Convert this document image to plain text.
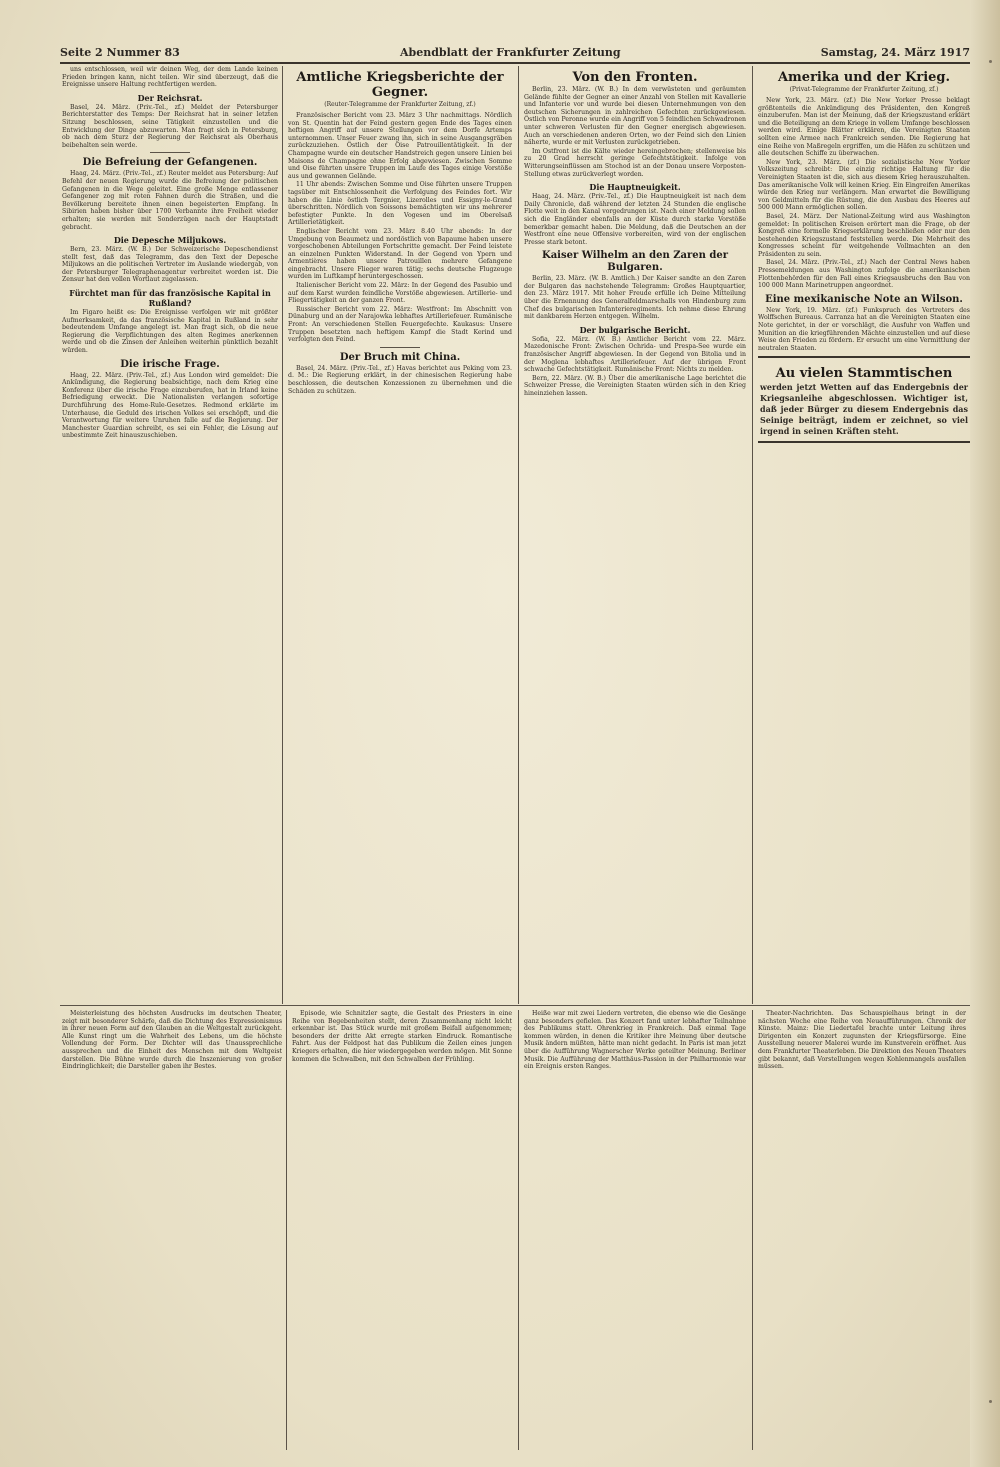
Seite 2 Nummer 83	Abendblatt der Frankfurter Zeitung	Samstag, 24. März 1917

uns entschlossen, weil wir deinen Weg, der dem Lande keinen Frieden bringen kann, nicht teilen. Wir sind überzeugt, daß die Ereignisse unsere Haltung rechtfertigen werden.

Der Reichsrat.

Basel, 24. März. (Priv.-Tel., zf.) Meldet der Petersburger Berichterstatter des Temps: Der Reichsrat hat in seiner letzten Sitzung beschlossen, seine Tätigkeit einzustellen und die Entwicklung der Dinge abzuwarten. Man fragt sich in Petersburg, ob nach dem Sturz der Regierung der Reichsrat als Oberhaus beibehalten sein werde.

Die Befreiung der Gefangenen.

Haag, 24. März. (Priv.-Tel., zf.) Reuter meldet aus Petersburg: Auf Befehl der neuen Regierung wurde die Befreiung der politischen Gefangenen in die Wege geleitet. Eine große Menge entlassener Gefangener zog mit roten Fahnen durch die Straßen, und die Bevölkerung bereitete ihnen einen begeisterten Empfang. In Sibirien haben bisher über 1700 Verbannte ihre Freiheit wieder erhalten; sie werden mit Sonderzügen nach der Hauptstadt gebracht.

Die Depesche Miljukows.

Bern, 23. März. (W. B.) Der Schweizerische Depeschendienst stellt fest, daß das Telegramm, das den Text der Depesche Miljukows an die politischen Vertreter im Auslande wiedergab, von der Petersburger Telegraphenagentur verbreitet worden ist. Die Zensur hat den vollen Wortlaut zugelassen.

Fürchtet man für das französische Kapital in Rußland?

Im Figaro heißt es: Die Ereignisse verfolgen wir mit größter Aufmerksamkeit, da das französische Kapital in Rußland in sehr bedeutendem Umfange angelegt ist. Man fragt sich, ob die neue Regierung die Verpflichtungen des alten Regimes anerkennen werde und ob die Zinsen der Anleihen weiterhin pünktlich bezahlt würden.

Die irische Frage.

Haag, 22. März. (Priv.-Tel., zf.) Aus London wird gemeldet: Die Ankündigung, die Regierung beabsichtige, nach dem Krieg eine Konferenz über die irische Frage einzuberufen, hat in Irland keine Befriedigung erweckt. Die Nationalisten verlangen sofortige Durchführung des Home-Rule-Gesetzes. Redmond erklärte im Unterhause, die Geduld des irischen Volkes sei erschöpft, und die Verantwortung für weitere Unruhen falle auf die Regierung. Der Manchester Guardian schreibt, es sei ein Fehler, die Lösung auf unbestimmte Zeit hinauszuschieben.

Amtliche Kriegsberichte der Gegner.
(Reuter-Telegramme der Frankfurter Zeitung, zf.)

Französischer Bericht vom 23. März 3 Uhr nachmittags. Nördlich von St. Quentin hat der Feind gestern gegen Ende des Tages einen heftigen Angriff auf unsere Stellungen vor dem Dorfe Artemps unternommen. Unser Feuer zwang ihn, sich in seine Ausgangsgräben zurückzuziehen. Östlich der Oise Patrouillentätigkeit. In der Champagne wurde ein deutscher Handstreich gegen unsere Linien bei Maisons de Champagne ohne Erfolg abgewiesen. Zwischen Somme und Oise führten unsere Truppen im Laufe des Tages einige Vorstöße aus und gewannen Gelände.

11 Uhr abends: Zwischen Somme und Oise führten unsere Truppen tagsüber mit Entschlossenheit die Verfolgung des Feindes fort. Wir haben die Linie östlich Tergnier, Lizerolles und Essigny-le-Grand überschritten. Nördlich von Soissons bemächtigten wir uns mehrerer befestigter Punkte. In den Vogesen und im Oberelsaß Artillerietätigkeit.

Englischer Bericht vom 23. März 8.40 Uhr abends: In der Umgebung von Beaumetz und nordöstlich von Bapaume haben unsere vorgeschobenen Abteilungen Fortschritte gemacht. Der Feind leistete an einzelnen Punkten Widerstand. In der Gegend von Ypern und Armentières haben unsere Patrouillen mehrere Gefangene eingebracht. Unsere Flieger waren tätig; sechs deutsche Flugzeuge wurden im Luftkampf heruntergeschossen.

Italienischer Bericht vom 22. März: In der Gegend des Pasubio und auf dem Karst wurden feindliche Vorstöße abgewiesen. Artillerie- und Fliegertätigkeit an der ganzen Front.

Russischer Bericht vom 22. März: Westfront: Im Abschnitt von Dünaburg und an der Narajowka lebhaftes Artilleriefeuer. Rumänische Front: An verschiedenen Stellen Feuergefechte. Kaukasus: Unsere Truppen besetzten nach heftigem Kampf die Stadt Kerind und verfolgten den Feind.

Der Bruch mit China.

Basel, 24. März. (Priv.-Tel., zf.) Havas berichtet aus Peking vom 23. d. M.: Die Regierung erklärt, in der chinesischen Regierung habe beschlossen, die deutschen Konzessionen zu übernehmen und die Schäden zu schützen.

Von den Fronten.

Berlin, 23. März. (W. B.) In dem verwüsteten und geräumten Gelände fühlte der Gegner an einer Anzahl von Stellen mit Kavallerie und Infanterie vor und wurde bei diesen Unternehmungen von den deutschen Sicherungen in zahlreichen Gefechten zurückgewiesen. Östlich von Peronne wurde ein Angriff von 5 feindlichen Schwadronen unter schweren Verlusten für den Gegner energisch abgewiesen. Auch an verschiedenen anderen Orten, wo der Feind sich den Linien näherte, wurde er mit Verlusten zurückgetrieben.

Im Ostfront ist die Kälte wieder hereingebrochen; stellenweise bis zu 20 Grad herrscht geringe Gefechtstätigkeit. Infolge von Witterungseinflüssen am Stochod ist an der Donau unsere Vorposten-Stellung etwas zurückverlegt worden.

Die Hauptneuigkeit.

Haag, 24. März. (Priv.-Tel., zf.) Die Hauptneuigkeit ist nach dem Daily Chronicle, daß während der letzten 24 Stunden die englische Flotte weit in den Kanal vorgedrungen ist. Nach einer Meldung sollen sich die Engländer ebenfalls an der Küste durch starke Vorstöße bemerkbar gemacht haben. Die Meldung, daß die Deutschen an der Westfront eine neue Offensive vorbereiten, wird von der englischen Presse stark betont.

Kaiser Wilhelm an den Zaren der Bulgaren.

Berlin, 23. März. (W. B. Amtlich.) Der Kaiser sandte an den Zaren der Bulgaren das nachstehende Telegramm: Großes Hauptquartier, den 23. März 1917. Mit hoher Freude erfülle ich Deine Mitteilung über die Ernennung des Generalfeldmarschalls von Hindenburg zum Chef des bulgarischen Infanterieregiments. Ich nehme diese Ehrung mit dankbarem Herzen entgegen. Wilhelm.

Der bulgarische Bericht.

Sofia, 22. März. (W. B.) Amtlicher Bericht vom 22. März. Mazedonische Front: Zwischen Ochrida- und Prespa-See wurde ein französischer Angriff abgewiesen. In der Gegend von Bitolia und in der Moglena lebhaftes Artilleriefeuer. Auf der übrigen Front schwache Gefechtstätigkeit. Rumänische Front: Nichts zu melden.

Bern, 22. März. (W. B.) Über die amerikanische Lage berichtet die Schweizer Presse, die Vereinigten Staaten würden sich in den Krieg hineinziehen lassen.

Amerika und der Krieg.
(Privat-Telegramme der Frankfurter Zeitung, zf.)

New York, 23. März. (zf.) Die New Yorker Presse beklagt größtenteils die Ankündigung des Präsidenten, den Kongreß einzuberufen. Man ist der Meinung, daß der Kriegszustand erklärt und die Beteiligung an dem Kriege in vollem Umfange beschlossen werden wird. Einige Blätter erklären, die Vereinigten Staaten sollten eine Armee nach Frankreich senden. Die Regierung hat eine Reihe von Maßregeln ergriffen, um die Häfen zu schützen und alle deutschen Schiffe zu überwachen.

New York, 23. März. (zf.) Die sozialistische New Yorker Volkszeitung schreibt: Die einzig richtige Haltung für die Vereinigten Staaten ist die, sich aus diesem Krieg herauszuhalten. Das amerikanische Volk will keinen Krieg. Ein Eingreifen Amerikas würde den Krieg nur verlängern. Man erwartet die Bewilligung von Geldmitteln für die Rüstung, die den Ausbau des Heeres auf 500 000 Mann ermöglichen sollen.

Basel, 24. März. Der National-Zeitung wird aus Washington gemeldet: In politischen Kreisen erörtert man die Frage, ob der Kongreß eine formelle Kriegserklärung beschließen oder nur den bestehenden Kriegszustand feststellen werde. Die Mehrheit des Kongresses scheint für weitgehende Vollmachten an den Präsidenten zu sein.

Basel, 24. März. (Priv.-Tel., zf.) Nach der Central News haben Pressemeldungen aus Washington zufolge die amerikanischen Flottenbehörden für den Fall eines Kriegsausbruchs den Bau von 100 000 Mann Marinetruppen angeordnet.

Eine mexikanische Note an Wilson.

New York, 19. März. (zf.) Funkspruch des Vertreters des Wolffschen Bureaus. Carranza hat an die Vereinigten Staaten eine Note gerichtet, in der er vorschlägt, die Ausfuhr von Waffen und Munition an die kriegführenden Mächte einzustellen und auf diese Weise den Frieden zu fördern. Er ersucht um eine Vermittlung der neutralen Staaten.

Au vielen Stammtischen
werden jetzt Wetten auf das Endergebnis der Kriegsanleihe abgeschlossen. Wichtiger ist, daß jeder Bürger zu diesem Endergebnis das Seinige beiträgt, indem er zeichnet, so viel irgend in seinen Kräften steht.

Meisterleistung des höchsten Ausdrucks im deutschen Theater, zeigt mit besonderer Schärfe, daß die Dichtung des Expressionismus in ihrer neuen Form auf den Glauben an die Weltgestalt zurückgeht. Alle Kunst ringt um die Wahrheit des Lebens, um die höchste Vollendung der Form. Der Dichter will das Unaussprechliche aussprechen und die Einheit des Menschen mit dem Weltgeist darstellen. Die Bühne wurde durch die Inszenierung von großer Eindringlichkeit; die Darsteller gaben ihr Bestes.

Episode, wie Schnitzler sagte, die Gestalt des Priesters in eine Reihe von Begebenheiten stellt, deren Zusammenhang nicht leicht erkennbar ist. Das Stück wurde mit großem Beifall aufgenommen; besonders der dritte Akt erregte starken Eindruck. Romantische Fahrt. Aus der Feldpost hat das Publikum die Zeilen eines jungen Kriegers erhalten, die hier wiedergegeben werden mögen. Mit Sonne kommen die Schwalben, mit den Schwalben der Frühling.

Heiße war mit zwei Liedern vertreten, die ebenso wie die Gesänge ganz besonders gefielen. Das Konzert fand unter lebhafter Teilnahme des Publikums statt. Ohrenkrieg in Frankreich. Daß einmal Tage kommen würden, in denen die Kritiker ihre Meinung über deutsche Musik ändern müßten, hätte man nicht gedacht. In Paris ist man jetzt über die Aufführung Wagnerscher Werke geteilter Meinung. Berliner Musik. Die Aufführung der Matthäus-Passion in der Philharmonie war ein Ereignis ersten Ranges.

Theater-Nachrichten. Das Schauspielhaus bringt in der nächsten Woche eine Reihe von Neuaufführungen. Chronik der Künste. Mainz: Die Liedertafel brachte unter Leitung ihres Dirigenten ein Konzert zugunsten der Kriegsfürsorge. Eine Ausstellung neuerer Malerei wurde im Kunstverein eröffnet. Aus dem Frankfurter Theaterleben. Die Direktion des Neuen Theaters gibt bekannt, daß Vorstellungen wegen Kohlenmangels ausfallen müssen.
